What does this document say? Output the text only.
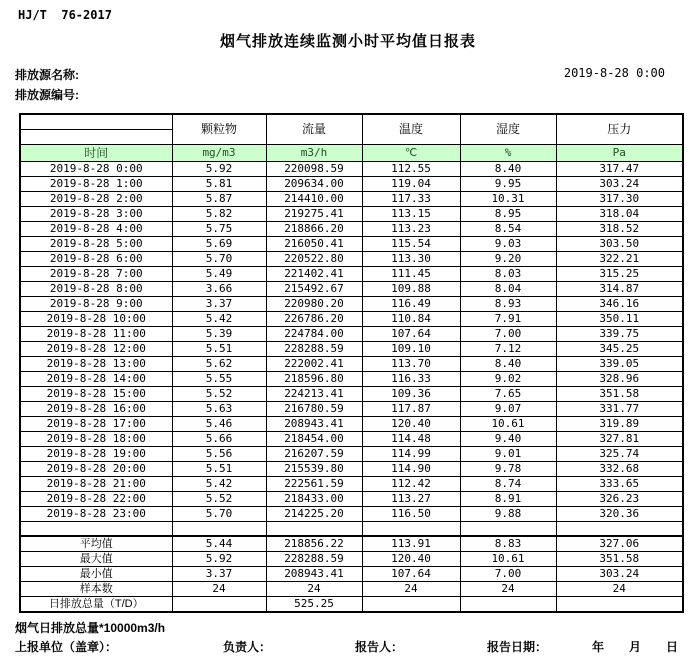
HJ/T  76-2017
烟气排放连续监测小时平均值日报表
排放源名称:	2019-8-28 0:00
排放源编号:
	颗粒物	流量	温度	湿度	压力

时间	mg/m3	m3/h	℃	%	Pa
2019-8-28 0:00	5.92	220098.59	112.55	8.40	317.47
2019-8-28 1:00	5.81	209634.00	119.04	9.95	303.24
2019-8-28 2:00	5.87	214410.00	117.33	10.31	317.30
2019-8-28 3:00	5.82	219275.41	113.15	8.95	318.04
2019-8-28 4:00	5.75	218866.20	113.23	8.54	318.52
2019-8-28 5:00	5.69	216050.41	115.54	9.03	303.50
2019-8-28 6:00	5.70	220522.80	113.30	9.20	322.21
2019-8-28 7:00	5.49	221402.41	111.45	8.03	315.25
2019-8-28 8:00	3.66	215492.67	109.88	8.04	314.87
2019-8-28 9:00	3.37	220980.20	116.49	8.93	346.16
2019-8-28 10:00	5.42	226786.20	110.84	7.91	350.11
2019-8-28 11:00	5.39	224784.00	107.64	7.00	339.75
2019-8-28 12:00	5.51	228288.59	109.10	7.12	345.25
2019-8-28 13:00	5.62	222002.41	113.70	8.40	339.05
2019-8-28 14:00	5.55	218596.80	116.33	9.02	328.96
2019-8-28 15:00	5.52	224213.41	109.36	7.65	351.58
2019-8-28 16:00	5.63	216780.59	117.87	9.07	331.77
2019-8-28 17:00	5.46	208943.41	120.40	10.61	319.89
2019-8-28 18:00	5.66	218454.00	114.48	9.40	327.81
2019-8-28 19:00	5.56	216207.59	114.99	9.01	325.74
2019-8-28 20:00	5.51	215539.80	114.90	9.78	332.68
2019-8-28 21:00	5.42	222561.59	112.42	8.74	333.65
2019-8-28 22:00	5.52	218433.00	113.27	8.91	326.23
2019-8-28 23:00	5.70	214225.20	116.50	9.88	320.36

平均值	5.44	218856.22	113.91	8.83	327.06
最大值	5.92	228288.59	120.40	10.61	351.58
最小值	3.37	208943.41	107.64	7.00	303.24
样本数	24	24	24	24	24
日排放总量（T/D）		525.25			
烟气日排放总量*10000m3/h
上报单位（盖章）：	负责人：	报告人：	报告日期：	年 月 日
